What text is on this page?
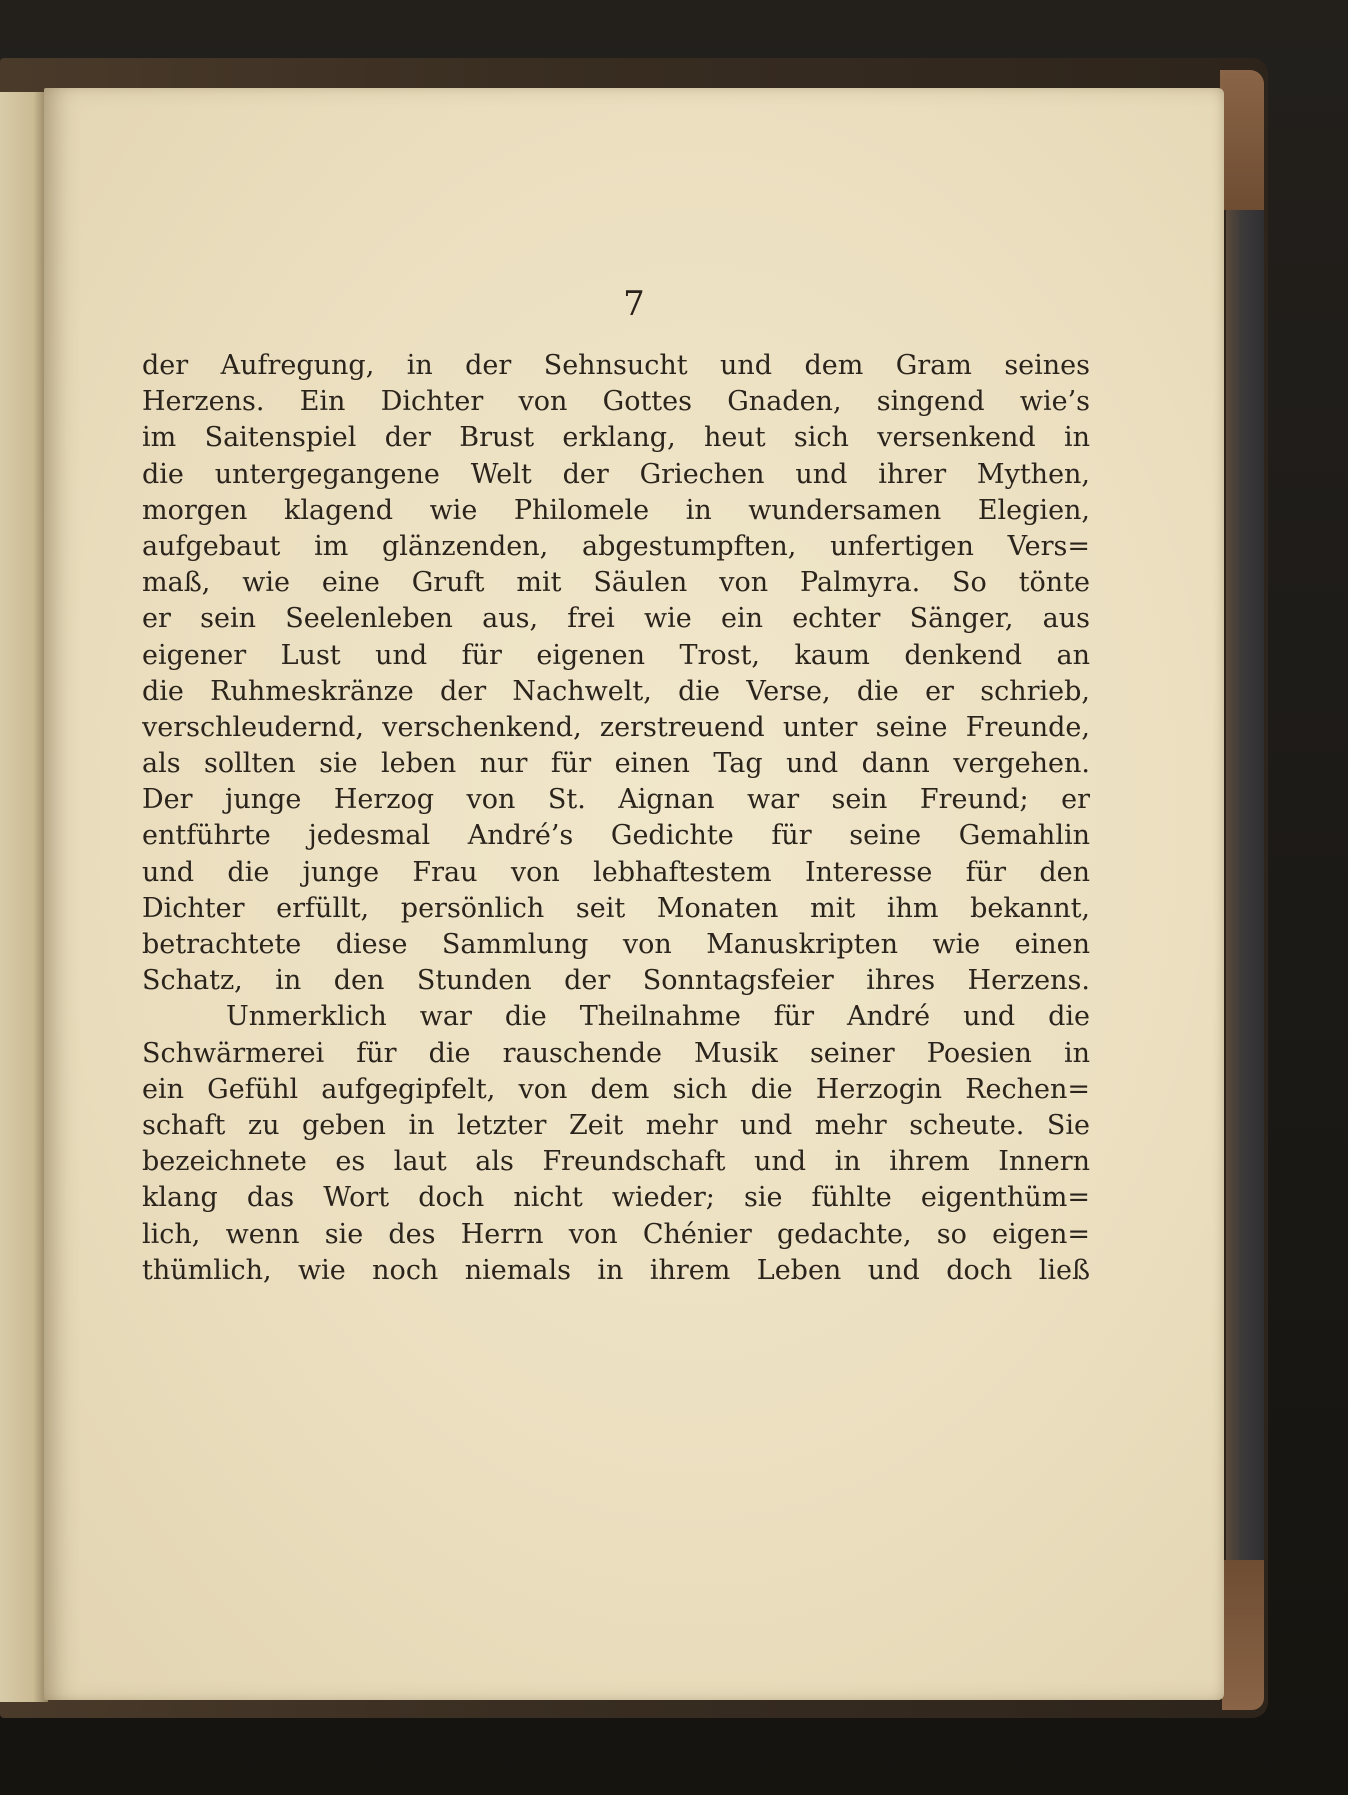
7
der Aufregung, in der Sehnsucht und dem Gram seines
Herzens. Ein Dichter von Gottes Gnaden, singend wie’s
im Saitenspiel der Brust erklang, heut sich versenkend in
die untergegangene Welt der Griechen und ihrer Mythen,
morgen klagend wie Philomele in wundersamen Elegien,
aufgebaut im glänzenden, abgestumpften, unfertigen Vers=
maß, wie eine Gruft mit Säulen von Palmyra. So tönte
er sein Seelenleben aus, frei wie ein echter Sänger, aus
eigener Lust und für eigenen Trost, kaum denkend an
die Ruhmeskränze der Nachwelt, die Verse, die er schrieb,
verschleudernd, verschenkend, zerstreuend unter seine Freunde,
als sollten sie leben nur für einen Tag und dann vergehen.
Der junge Herzog von St. Aignan war sein Freund; er
entführte jedesmal André’s Gedichte für seine Gemahlin
und die junge Frau von lebhaftestem Interesse für den
Dichter erfüllt, persönlich seit Monaten mit ihm bekannt,
betrachtete diese Sammlung von Manuskripten wie einen
Schatz, in den Stunden der Sonntagsfeier ihres Herzens.
Unmerklich war die Theilnahme für André und die
Schwärmerei für die rauschende Musik seiner Poesien in
ein Gefühl aufgegipfelt, von dem sich die Herzogin Rechen=
schaft zu geben in letzter Zeit mehr und mehr scheute. Sie
bezeichnete es laut als Freundschaft und in ihrem Innern
klang das Wort doch nicht wieder; sie fühlte eigenthüm=
lich, wenn sie des Herrn von Chénier gedachte, so eigen=
thümlich, wie noch niemals in ihrem Leben und doch ließ
